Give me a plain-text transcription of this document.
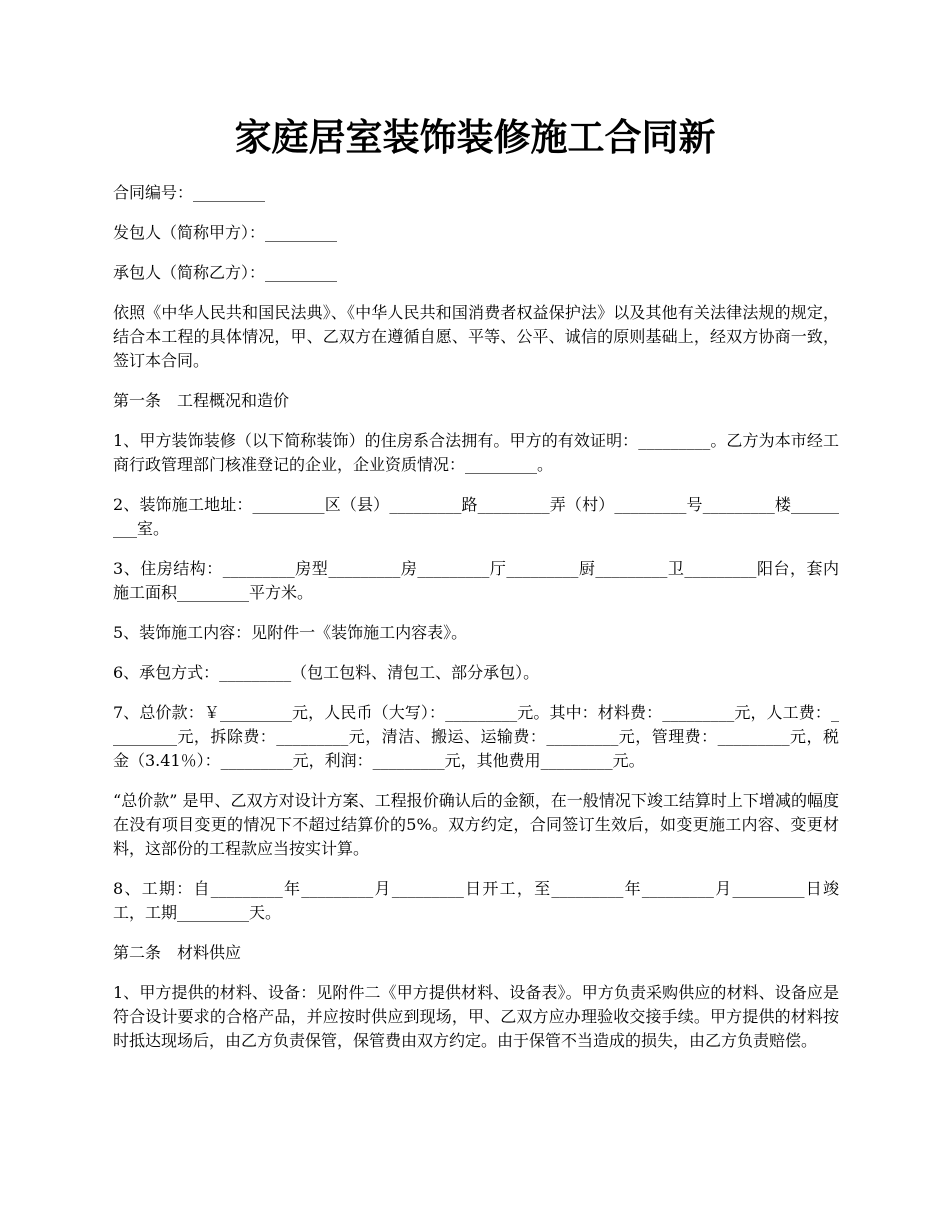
家庭居室装饰装修施工合同新

合同编号：_________

发包人（简称甲方）：_________

承包人（简称乙方）：_________

依照《中华人民共和国民法典》、《中华人民共和国消费者权益保护法》以及其他有关法律法规的规定，结合本工程的具体情况，甲、乙双方在遵循自愿、平等、公平、诚信的原则基础上，经双方协商一致，签订本合同。

第一条　工程概况和造价

1、甲方装饰装修（以下简称装饰）的住房系合法拥有。甲方的有效证明：_________。乙方为本市经工商行政管理部门核准登记的企业，企业资质情况：_________。

2、装饰施工地址：_________区（县）_________路_________弄（村）_________号_________楼_________室。

3、住房结构：_________房型_________房_________厅_________厨_________卫_________阳台，套内施工面积_________平方米。

5、装饰施工内容：见附件一《装饰施工内容表》。

6、承包方式：_________（包工包料、清包工、部分承包）。

7、总价款：￥_________元，人民币（大写）：_________元。其中：材料费：_________元，人工费：_________元，拆除费：_________元，清洁、搬运、运输费：_________元，管理费：_________元，税金（3.41％）：_________元，利润：_________元，其他费用_________元。

“总价款” 是甲、乙双方对设计方案、工程报价确认后的金额，在一般情况下竣工结算时上下增减的幅度在没有项目变更的情况下不超过结算价的5%。双方约定，合同签订生效后，如变更施工内容、变更材料，这部份的工程款应当按实计算。

8、工期：自_________年_________月_________日开工，至_________年_________月_________日竣工，工期_________天。

第二条　材料供应

1、甲方提供的材料、设备：见附件二《甲方提供材料、设备表》。甲方负责采购供应的材料、设备应是符合设计要求的合格产品，并应按时供应到现场，甲、乙双方应办理验收交接手续。甲方提供的材料按时抵达现场后，由乙方负责保管，保管费由双方约定。由于保管不当造成的损失，由乙方负责赔偿。
